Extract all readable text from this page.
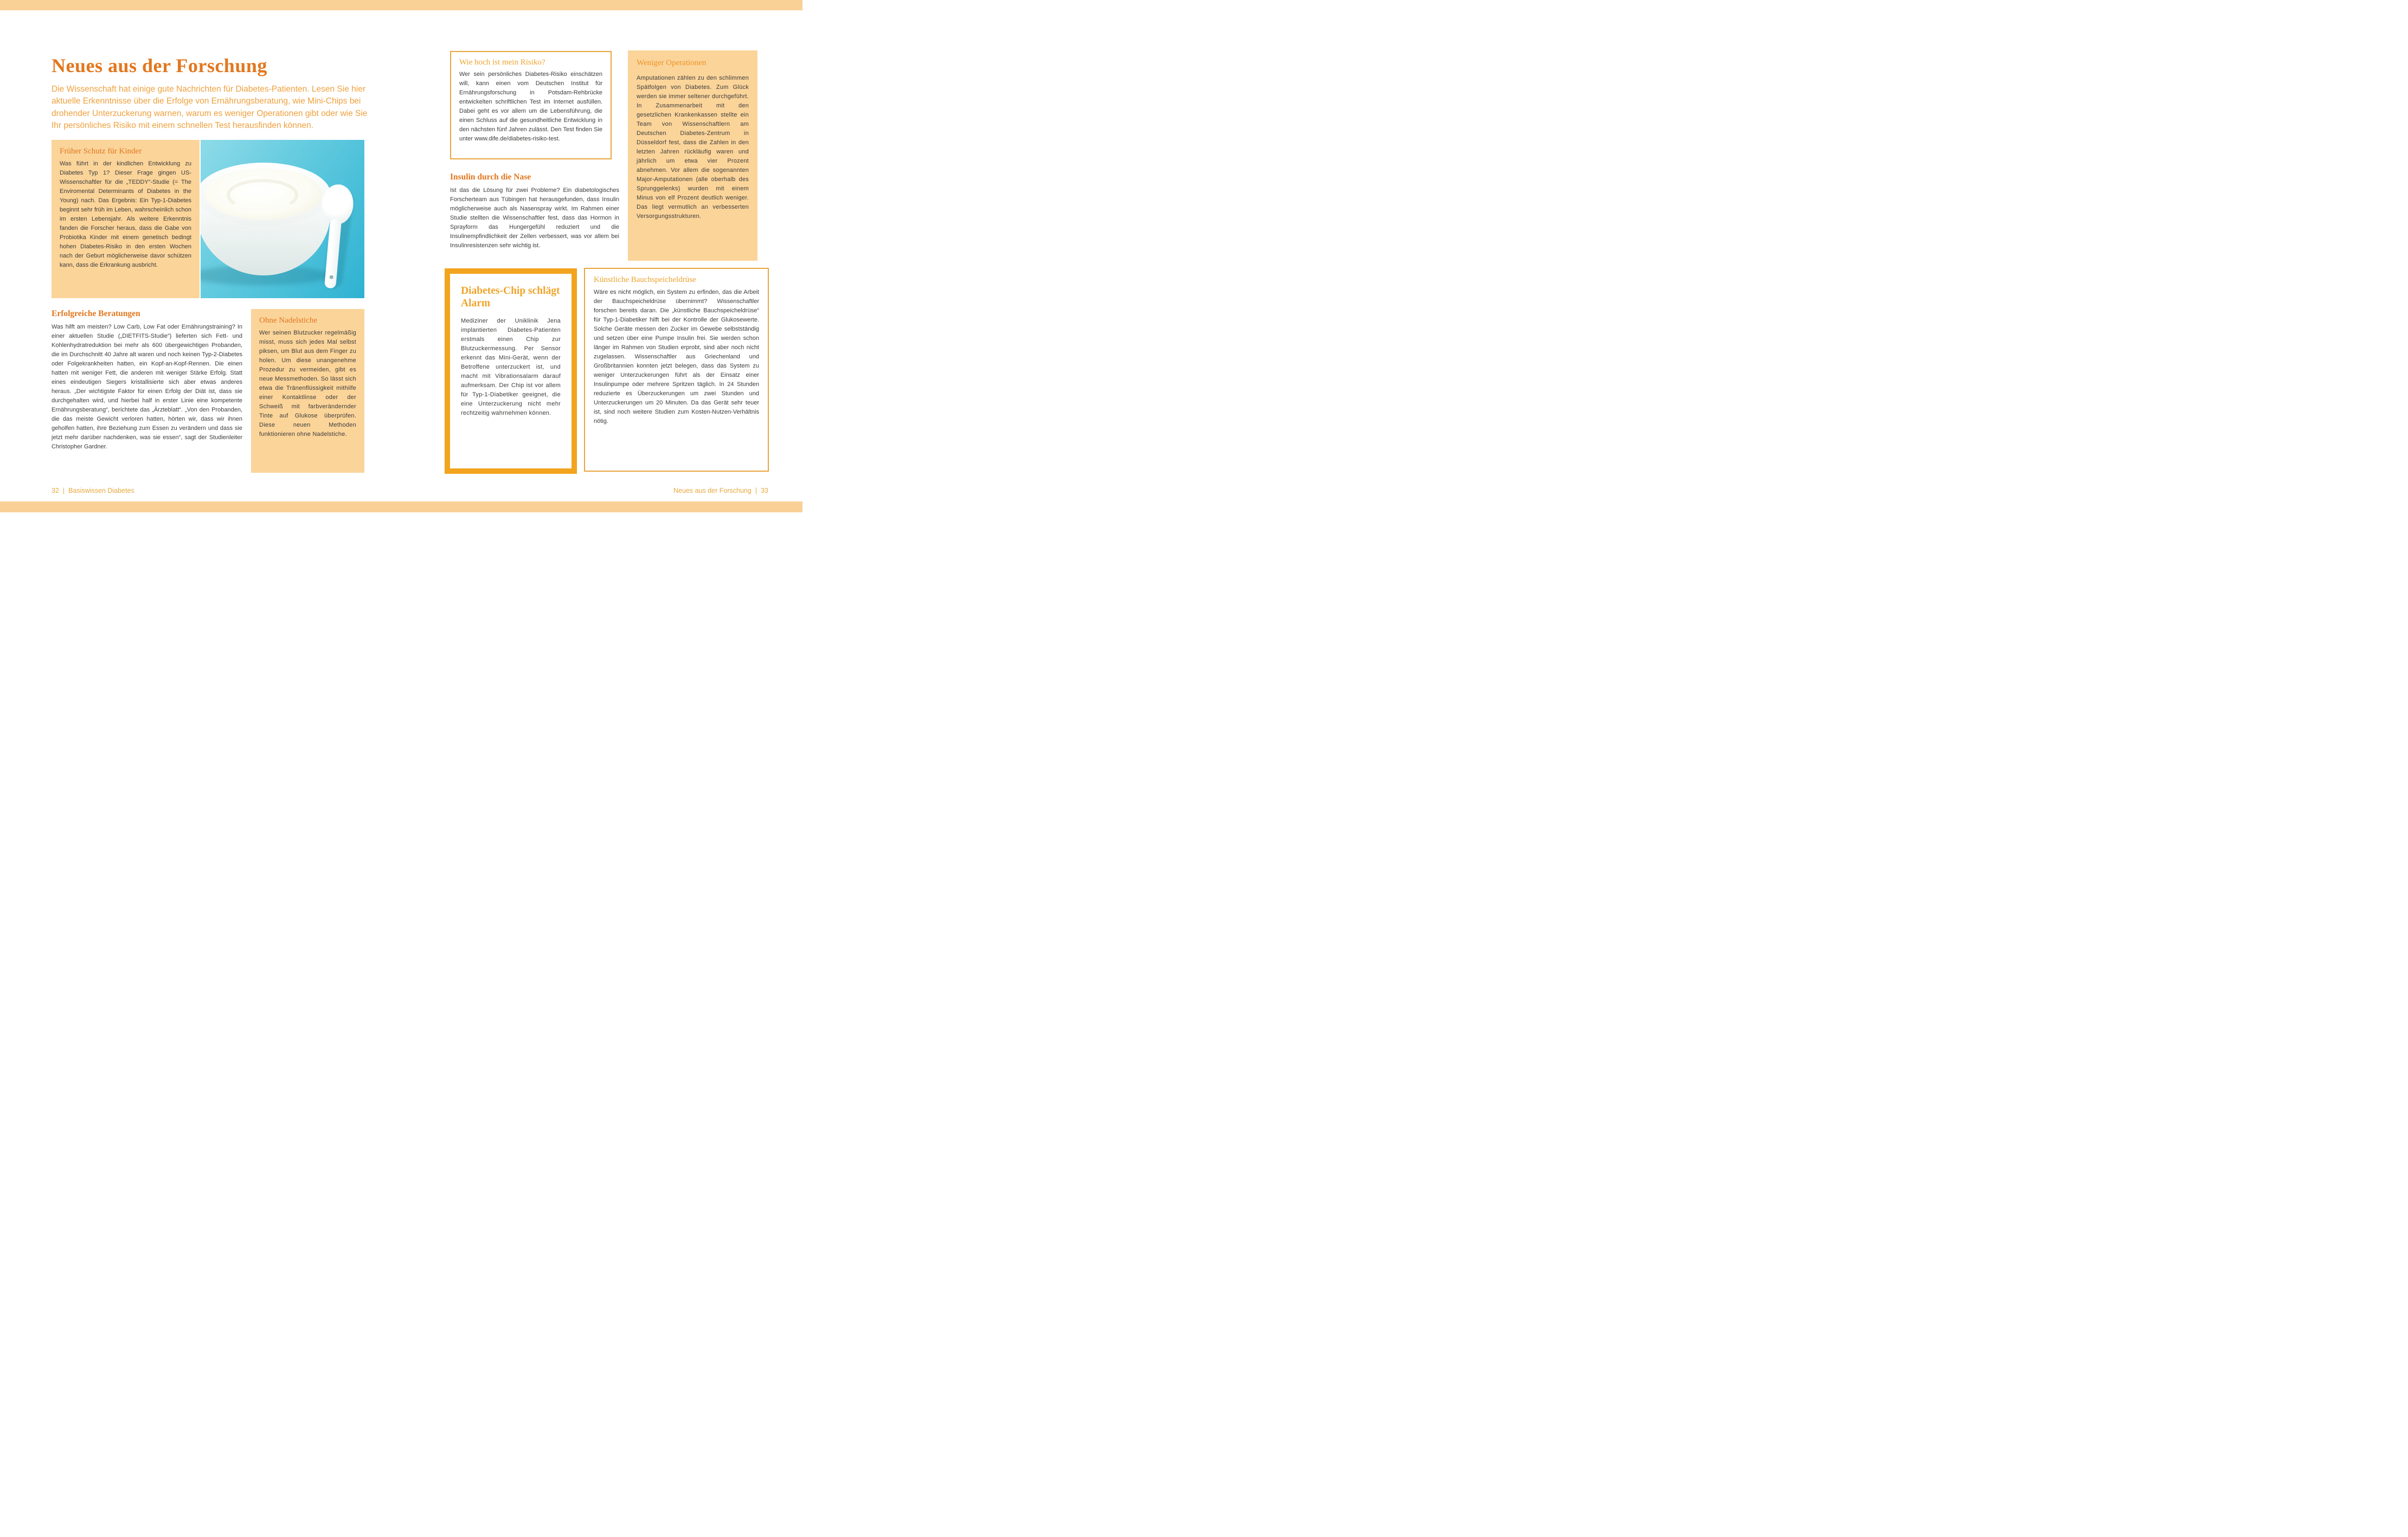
Neues aus der Forschung

Die Wissenschaft hat einige gute Nachrichten für Diabetes-Patienten. Lesen Sie hier aktuelle Erkenntnisse über die Erfolge von Ernährungsberatung, wie Mini-Chips bei drohender Unterzuckerung warnen, warum es weniger Operationen gibt oder wie Sie Ihr persönliches Risiko mit einem schnellen Test herausfinden können.

Früher Schutz für Kinder

Was führt in der kindlichen Entwicklung zu Diabetes Typ 1? Dieser Frage gingen US-Wissenschaftler für die „TEDDY“-Studie (= The Enviromental Determinants of Diabetes in the Young) nach. Das Ergebnis: Ein Typ-1-Diabetes beginnt sehr früh im Leben, wahrscheinlich schon im ersten Lebensjahr. Als weitere Erkenntnis fanden die Forscher heraus, dass die Gabe von Probiotika Kinder mit einem genetisch bedingt hohen Diabetes-Risiko in den ersten Wochen nach der Geburt möglicherweise davor schützen kann, dass die Erkrankung ausbricht.

Erfolgreiche Beratungen

Was hilft am meisten? Low Carb, Low Fat oder Ernährungstraining? In einer aktuellen Studie („DIETFITS-Studie“) lieferten sich Fett- und Kohlenhydratreduktion bei mehr als 600 übergewichtigen Probanden, die im Durchschnitt 40 Jahre alt waren und noch keinen Typ-2-Diabetes oder Folgekrankheiten hatten, ein Kopf-an-Kopf-Rennen. Die einen hatten mit weniger Fett, die anderen mit weniger Stärke Erfolg. Statt eines eindeutigen Siegers kristallisierte sich aber etwas anderes heraus. „Der wichtigste Faktor für einen Erfolg der Diät ist, dass sie durchgehalten wird, und hierbei half in erster Linie eine kompetente Ernährungsberatung“, berichtete das „Ärzteblatt“. „Von den Probanden, die das meiste Gewicht verloren hatten, hörten wir, dass wir ihnen geholfen hatten, ihre Beziehung zum Essen zu verändern und dass sie jetzt mehr darüber nachdenken, was sie essen“, sagt der Studienleiter Christopher Gardner.

Ohne Nadelstiche

Wer seinen Blutzucker regelmäßig misst, muss sich jedes Mal selbst piksen, um Blut aus dem Finger zu holen. Um diese unangenehme Prozedur zu vermeiden, gibt es neue Messmethoden. So lässt sich etwa die Tränenflüssigkeit mithilfe einer Kontaktlinse oder der Schweiß mit farbverändernder Tinte auf Glukose überprüfen. Diese neuen Methoden funktionieren ohne Nadelstiche.

Wie hoch ist mein Risiko?

Wer sein persönliches Diabetes-Risiko einschätzen will, kann einen vom Deutschen Institut für Ernährungsforschung in Potsdam-Rehbrücke entwickelten schriftlichen Test im Internet ausfüllen. Dabei geht es vor allem um die Lebensführung, die einen Schluss auf die gesundheitliche Entwicklung in den nächsten fünf Jahren zulässt. Den Test finden Sie unter www.dife.de/diabetes-risiko-test.

Insulin durch die Nase

Ist das die Lösung für zwei Probleme? Ein diabetologisches Forscherteam aus Tübingen hat herausgefunden, dass Insulin möglicherweise auch als Nasenspray wirkt. Im Rahmen einer Studie stellten die Wissenschaftler fest, dass das Hormon in Sprayform das Hungergefühl reduziert und die Insulinempfindlichkeit der Zellen verbessert, was vor allem bei Insulinresistenzen sehr wichtig ist.

Diabetes-Chip schlägt Alarm

Mediziner der Uniklinik Jena implantierten Diabetes-Patienten erstmals einen Chip zur Blutzuckermessung. Per Sensor erkennt das Mini-Gerät, wenn der Betroffene unterzuckert ist, und macht mit Vibrationsalarm darauf aufmerksam. Der Chip ist vor allem für Typ-1-Diabetiker geeignet, die eine Unterzuckerung nicht mehr rechtzeitig wahrnehmen können.

Künstliche Bauchspeicheldrüse

Wäre es nicht möglich, ein System zu erfinden, das die Arbeit der Bauchspeicheldrüse übernimmt? Wissenschaftler forschen bereits daran. Die „künstliche Bauchspeicheldrüse“ für Typ-1-Diabetiker hilft bei der Kontrolle der Glukosewerte. Solche Geräte messen den Zucker im Gewebe selbstständig und setzen über eine Pumpe Insulin frei. Sie werden schon länger im Rahmen von Studien erprobt, sind aber noch nicht zugelassen. Wissenschaftler aus Griechenland und Großbritannien konnten jetzt belegen, dass das System zu weniger Unterzuckerungen führt als der Einsatz einer Insulinpumpe oder mehrere Spritzen täglich. In 24 Stunden reduzierte es Überzuckerungen um zwei Stunden und Unterzuckerungen um 20 Minuten. Da das Gerät sehr teuer ist, sind noch weitere Studien zum Kosten-Nutzen-Verhältnis nötig.

Weniger Operationen

Amputationen zählen zu den schlimmen Spätfolgen von Diabetes. Zum Glück werden sie immer seltener durchgeführt. In Zusammenarbeit mit den gesetzlichen Krankenkassen stellte ein Team von Wissenschaftlern am Deutschen Diabetes-Zentrum in Düsseldorf fest, dass die Zahlen in den letzten Jahren rückläufig waren und jährlich um etwa vier Prozent abnehmen. Vor allem die sogenannten Major-Amputationen (alle oberhalb des Sprunggelenks) wurden mit einem Minus von elf Prozent deutlich weniger. Das liegt vermutlich an verbesserten Versorgungsstrukturen.

32 | Basiswissen Diabetes	Neues aus der Forschung | 33
